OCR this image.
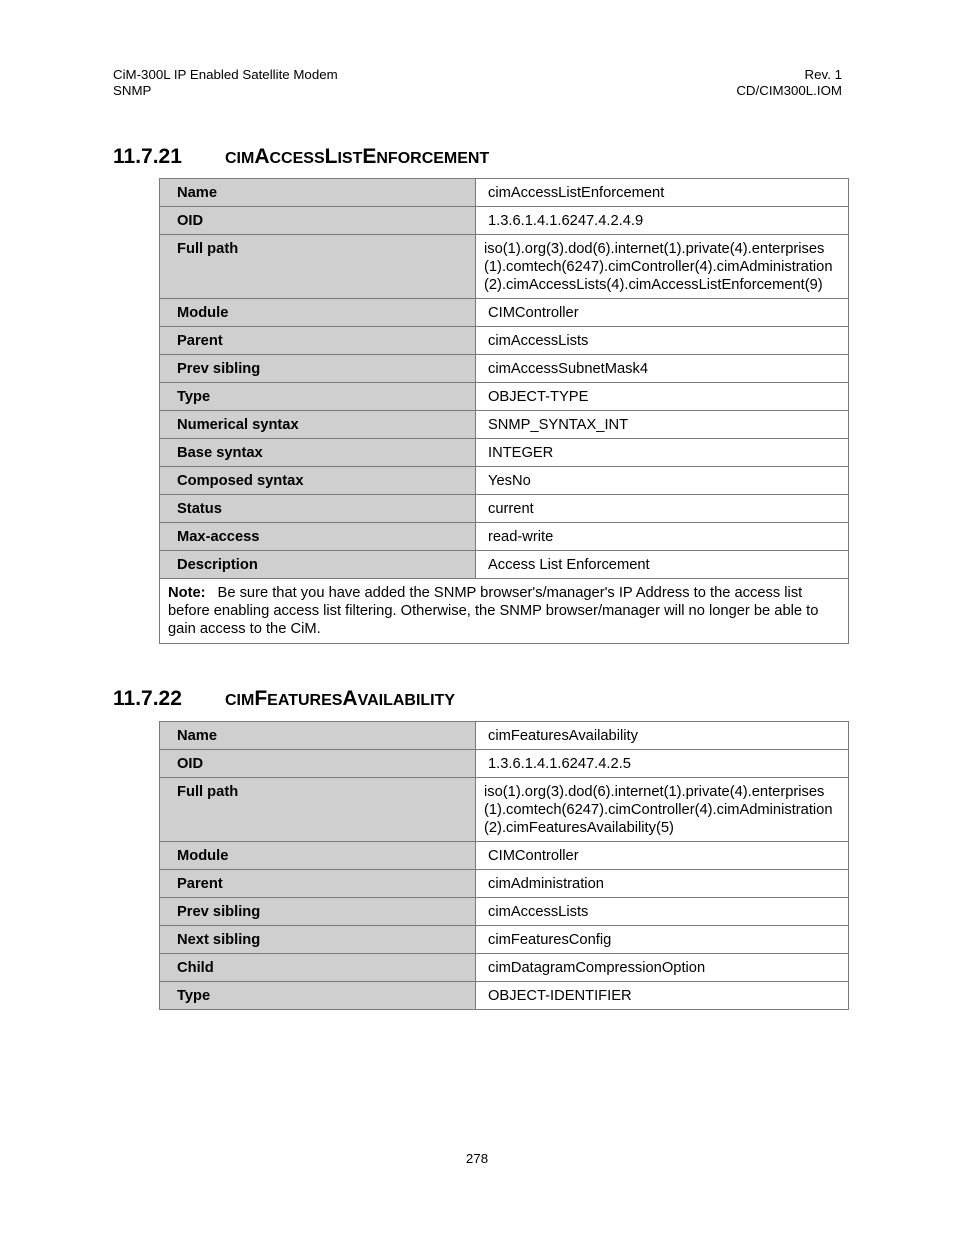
CiM-300L IP Enabled Satellite Modem	Rev. 1
SNMP	CD/CIM300L.IOM
11.7.21	CIMACCESSLISTENFORCEMENT
Name	cimAccessListEnforcement
OID	1.3.6.1.4.1.6247.4.2.4.9
Full path	iso(1).org(3).dod(6).internet(1).private(4).enterprises(1).comtech(6247).cimController(4).cimAdministration(2).cimAccessLists(4).cimAccessListEnforcement(9)
Module	CIMController
Parent	cimAccessLists
Prev sibling	cimAccessSubnetMask4
Type	OBJECT-TYPE
Numerical syntax	SNMP_SYNTAX_INT
Base syntax	INTEGER
Composed syntax	YesNo
Status	current
Max-access	read-write
Description	Access List Enforcement
Note: Be sure that you have added the SNMP browser's/manager's IP Address to the access list before enabling access list filtering. Otherwise, the SNMP browser/manager will no longer be able to gain access to the CiM.	
11.7.22	CIMFEATURESAVAILABILITY
Name	cimFeaturesAvailability
OID	1.3.6.1.4.1.6247.4.2.5
Full path	iso(1).org(3).dod(6).internet(1).private(4).enterprises(1).comtech(6247).cimController(4).cimAdministration(2).cimFeaturesAvailability(5)
Module	CIMController
Parent	cimAdministration
Prev sibling	cimAccessLists
Next sibling	cimFeaturesConfig
Child	cimDatagramCompressionOption
Type	OBJECT-IDENTIFIER
278
